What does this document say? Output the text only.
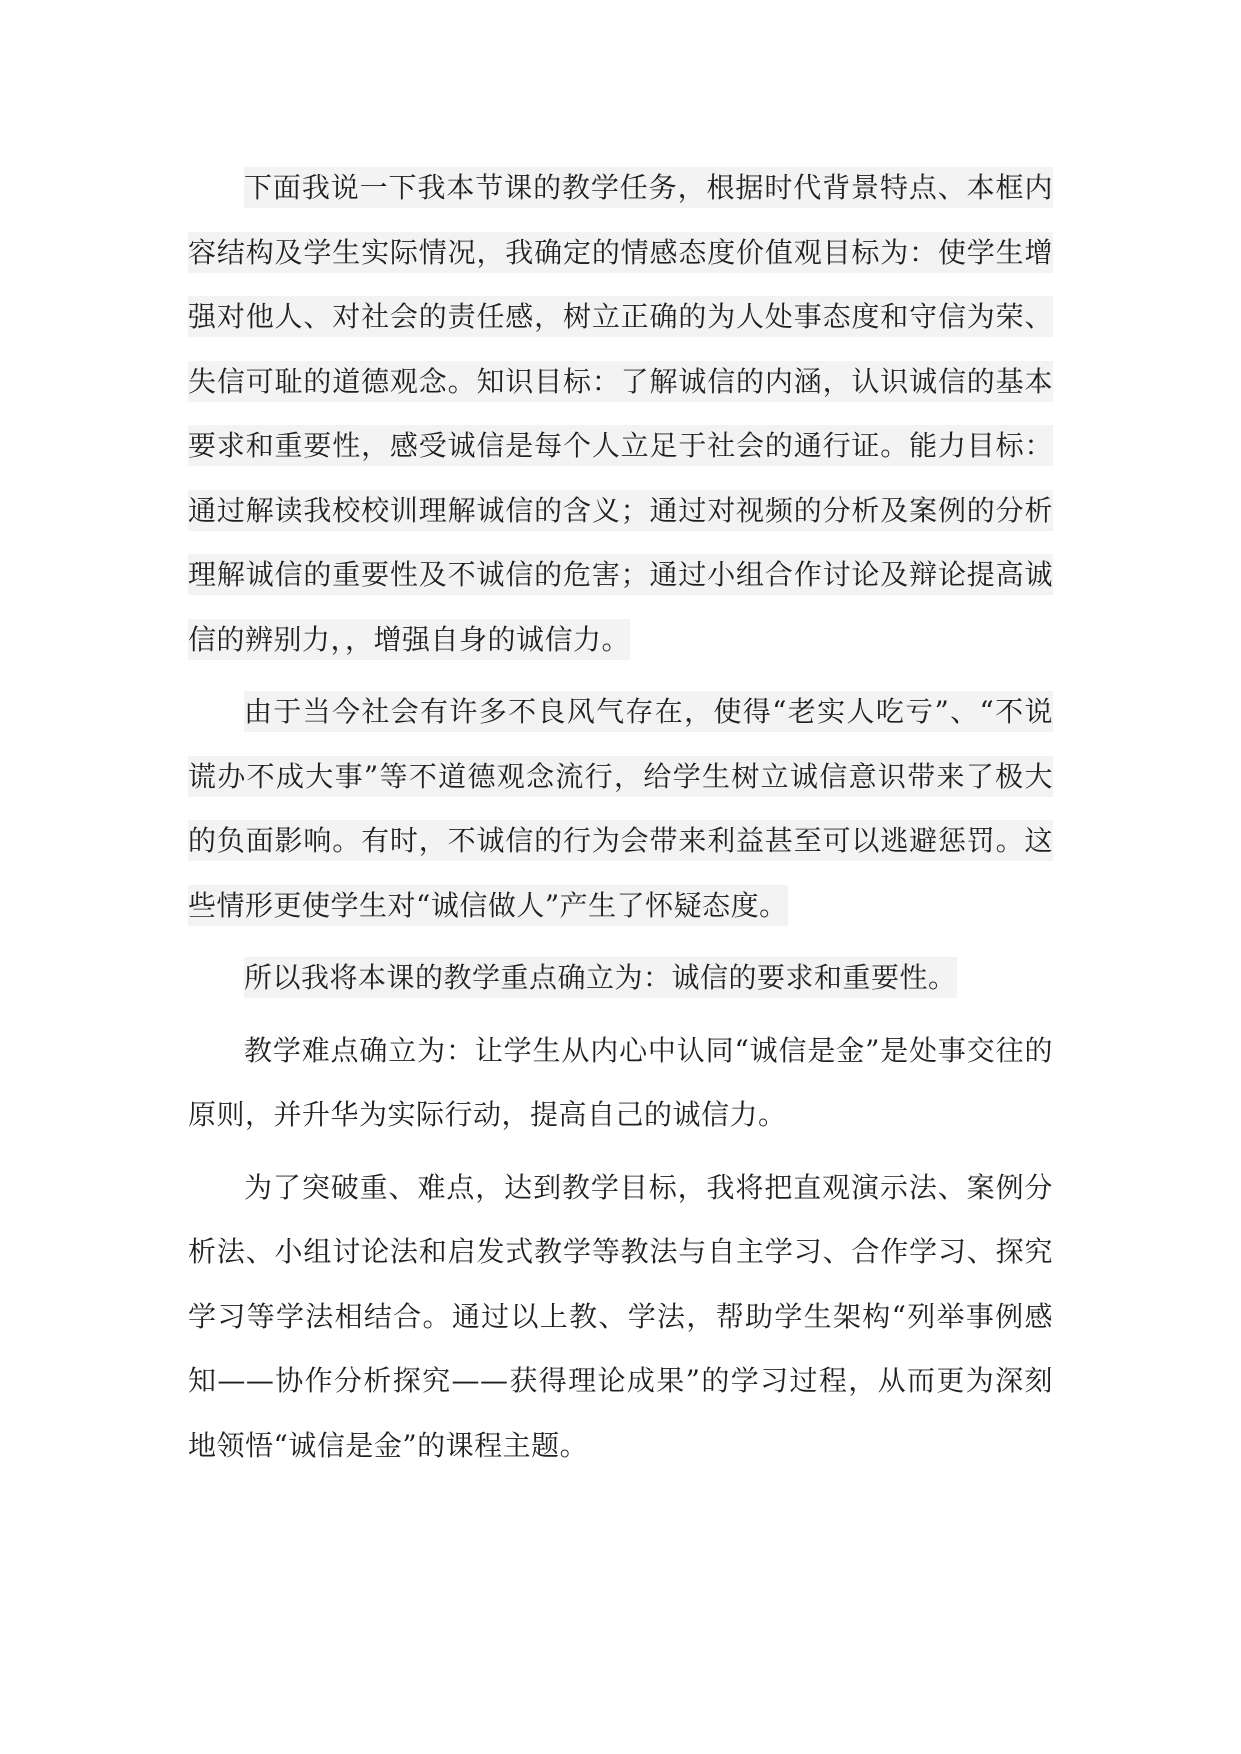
下面我说一下我本节课的教学任务，根据时代背景特点、本框内容结构及学生实际情况，我确定的情感态度价值观目标为：使学生增强对他人、对社会的责任感，树立正确的为人处事态度和守信为荣、失信可耻的道德观念。知识目标：了解诚信的内涵，认识诚信的基本要求和重要性，感受诚信是每个人立足于社会的通行证。能力目标：通过解读我校校训理解诚信的含义；通过对视频的分析及案例的分析理解诚信的重要性及不诚信的危害；通过小组合作讨论及辩论提高诚信的辨别力，，增强自身的诚信力。

由于当今社会有许多不良风气存在，使得“老实人吃亏”、“不说谎办不成大事”等不道德观念流行，给学生树立诚信意识带来了极大的负面影响。有时，不诚信的行为会带来利益甚至可以逃避惩罚。这些情形更使学生对“诚信做人”产生了怀疑态度。

所以我将本课的教学重点确立为：诚信的要求和重要性。

教学难点确立为：让学生从内心中认同“诚信是金”是处事交往的原则，并升华为实际行动，提高自己的诚信力。

为了突破重、难点，达到教学目标，我将把直观演示法、案例分析法、小组讨论法和启发式教学等教法与自主学习、合作学习、探究学习等学法相结合。通过以上教、学法，帮助学生架构“列举事例感知——协作分析探究——获得理论成果”的学习过程，从而更为深刻地领悟“诚信是金”的课程主题。
